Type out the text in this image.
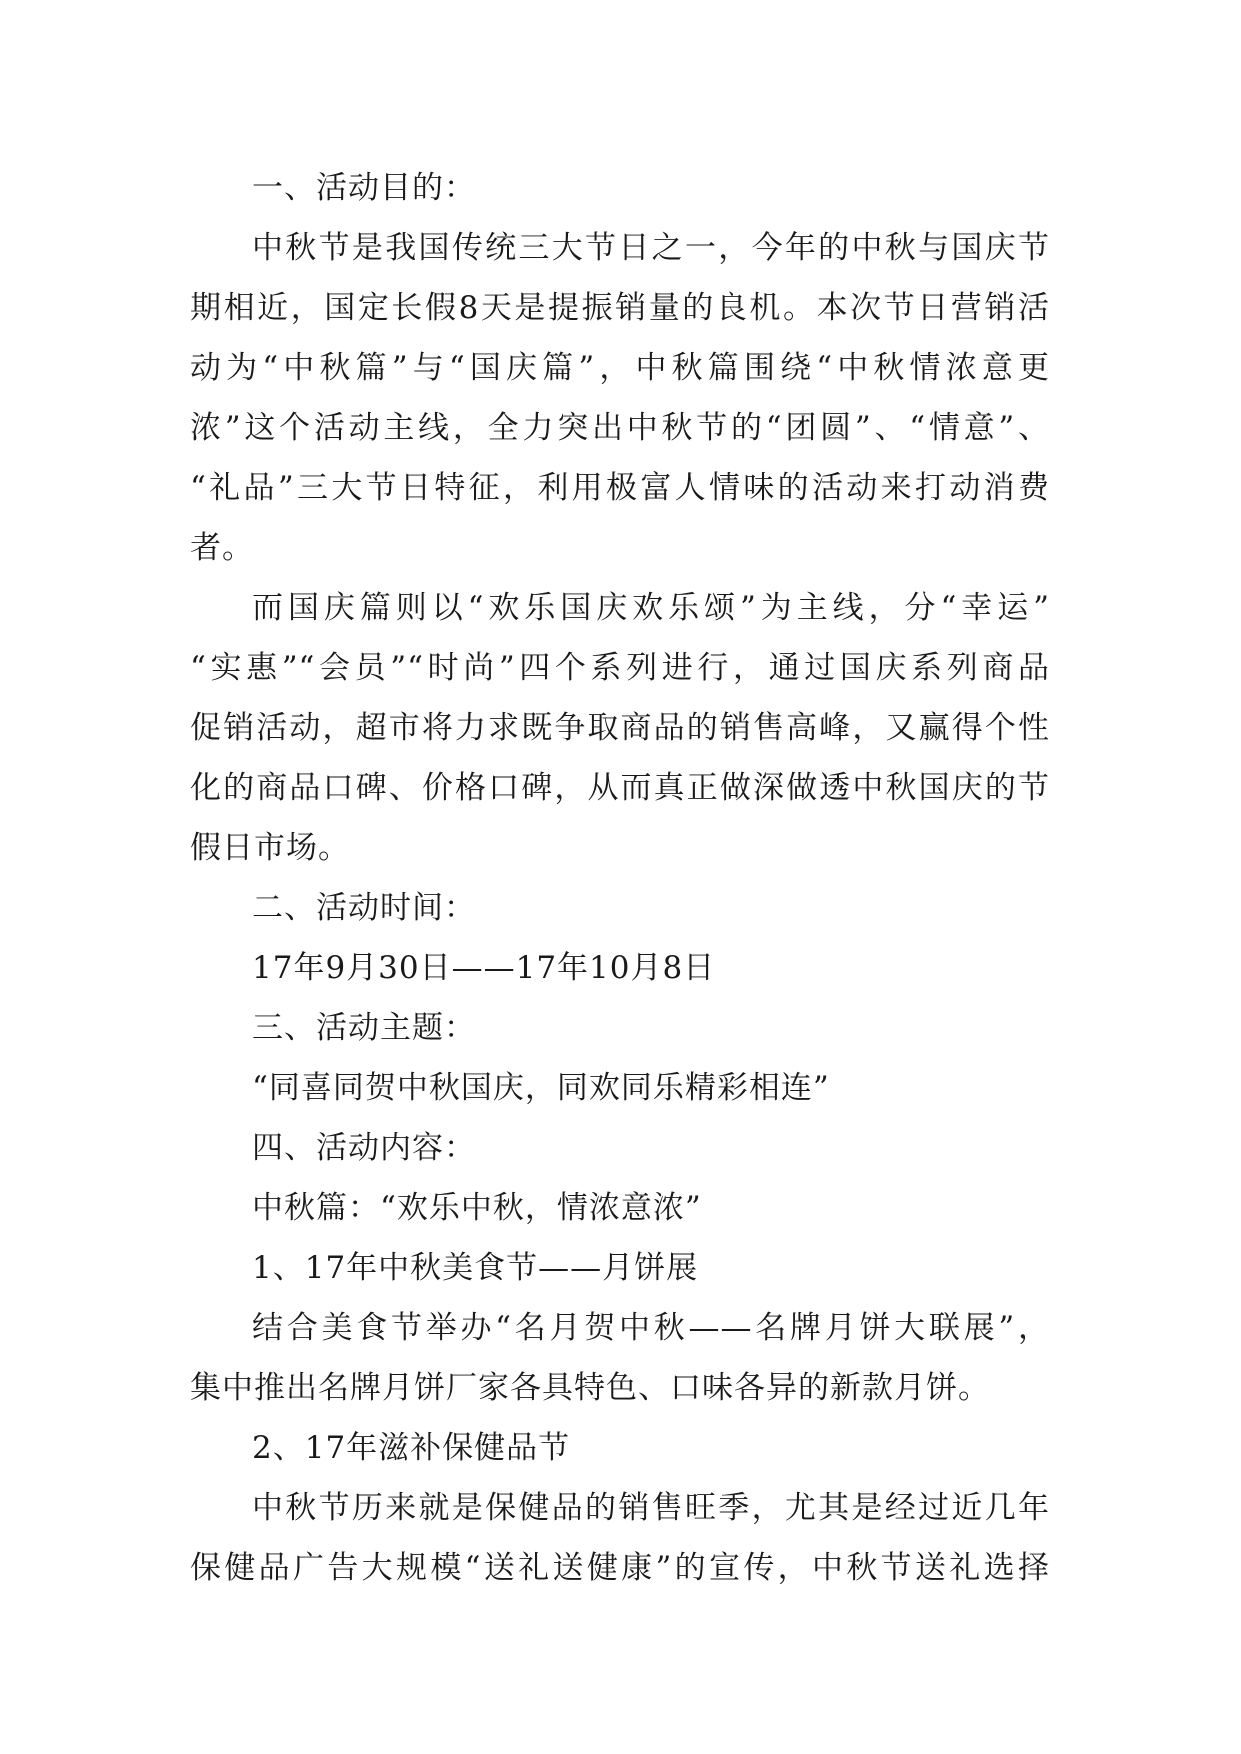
一、活动目的：
中秋节是我国传统三大节日之一，今年的中秋与国庆节
期相近，国定长假8天是提振销量的良机。本次节日营销活
动为“中秋篇”与“国庆篇”，中秋篇围绕“中秋情浓意更
浓”这个活动主线，全力突出中秋节的“团圆”、“情意”、
“礼品”三大节日特征，利用极富人情味的活动来打动消费
者。
而国庆篇则以“欢乐国庆欢乐颂”为主线，分“幸运”
“实惠”“会员”“时尚”四个系列进行，通过国庆系列商品
促销活动，超市将力求既争取商品的销售高峰，又赢得个性
化的商品口碑、价格口碑，从而真正做深做透中秋国庆的节
假日市场。
二、活动时间：
17年9月30日——17年10月8日
三、活动主题：
“同喜同贺中秋国庆，同欢同乐精彩相连”
四、活动内容：
中秋篇：“欢乐中秋，情浓意浓”
1、17年中秋美食节——月饼展
结合美食节举办“名月贺中秋——名牌月饼大联展”，
集中推出名牌月饼厂家各具特色、口味各异的新款月饼。
2、17年滋补保健品节
中秋节历来就是保健品的销售旺季，尤其是经过近几年
保健品广告大规模“送礼送健康”的宣传，中秋节送礼选择
